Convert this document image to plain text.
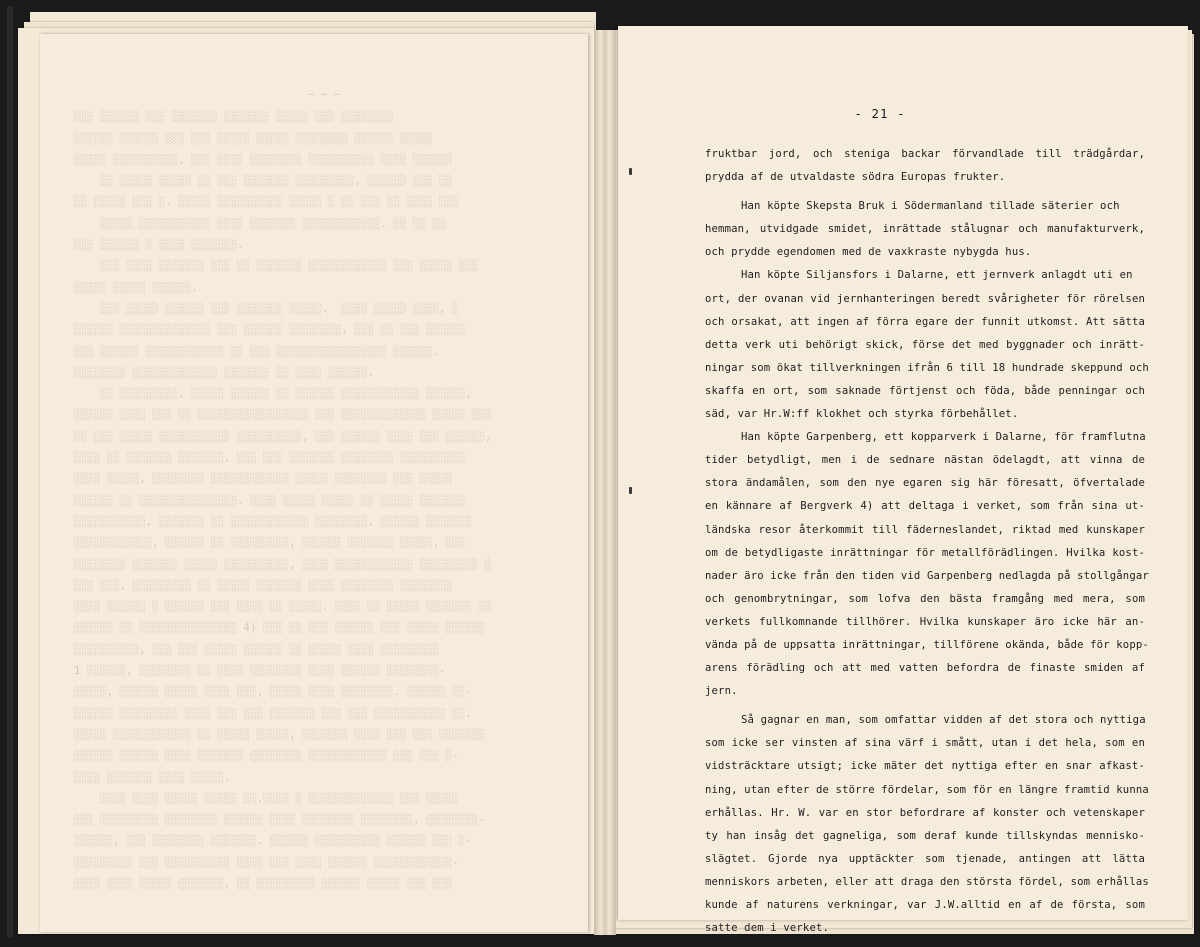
— ― —
░░░ ░░░░░░ ░░░ ░░░░░░░ ░░░░░░░ ░░░░░ ░░░ ░░░░░░░░
░░░░░░ ░░░░░░ ░░░ ░░░ ░░░░░ ░░░░░ ░░░░░░░░ ░░░░░░ ░░░░░
░░░░░ ░░░░░░░░░░, ░░░ ░░░░ ░░░░░░░░ ░░░░░░░░░░ ░░░░ ░░░░░░
░░ ░░░░░ ░░░░░ ░░ ░░░ ░░░░░░░ ░░░░░░░░░, ░░░░░░ ░░░ ░░
░░ ░░░░░ ░░░ ░. ░░░░░ ░░░░░░░░░░ ░░░░░ ░ ░░ ░░░ ░░ ░░░░ ░░░
░░░░░ ░░░░░░░░░░░ ░░░░ ░░░░░░░ ░░░░░░░░░░░░. ░░ ░░ ░░
░░░ ░░░░░░ ░ ░░░░ ░░░░░░░.
░░░ ░░░░ ░░░░░░░ ░░░ ░░ ░░░░░░░ ░░░░░░░░░░░░ ░░░ ░░░░░ ░░░
░░░░░ ░░░░░ ░░░░░░.
░░░ ░░░░░ ░░░░░░ ░░░ ░░░░░░░ ░░░░░.  ░░░░ ░░░░░ ░░░░, ░
░░░░░░ ░░░░░░░░░░░░░░ ░░░ ░░░░░░ ░░░░░░░░, ░░░ ░░ ░░░ ░░░░░░
░░░ ░░░░░░ ░░░░░░░░░░░░ ░░ ░░░ ░░░░░░░░░░░░░░░░░ ░░░░░░.
░░░░░░░░ ░░░░░░░░░░░░░ ░░░░░░░ ░░ ░░░░ ░░░░░░.
░░ ░░░░░░░░░, ░░░░░ ░░░░░░ ░░ ░░░░░░ ░░░░░░░░░░░░ ░░░░░░,
░░░░░░ ░░░░ ░░░ ░░ ░░░░░░░░░░░░░░░░░ ░░░ ░░░░░░░░░░░░░ ░░░░░ ░░░
░░ ░░░ ░░░░░ ░░░░░░░░░░░ ░░░░░░░░░░, ░░░ ░░░░░░ ░░░░ ░░░ ░░░░░░,
░░░░ ░░ ░░░░░░░ ░░░░░░░, ░░░ ░░░ ░░░░░░░ ░░░░░░░░ ░░░░░░░░░░
░░░░ ░░░░░, ░░░░░░░░ ░░░░░░░░░░░░ ░░░░░ ░░░░░░░░ ░░░ ░░░░░
░░░░░░ ░░ ░░░░░░░░░░░░░░░. ░░░░ ░░░░░ ░░░░░ ░░ ░░░░░ ░░░░░░░
░░░░░░░░░░░, ░░░░░░░ ░░ ░░░░░░░░░░░░ ░░░░░░░░, ░░░░░░ ░░░░░░░
░░░░░░░░░░░░, ░░░░░░ ░░ ░░░░░░░░░, ░░░░░░ ░░░░░░░ ░░░░░, ░░░
░░░░░░░░ ░░░░░░░ ░░░░░ ░░░░░░░░░░, ░░░░ ░░░░░░░░░░░░ ░░░░░░░░░ ░
░░░ ░░░, ░░░░░░░░░ ░░ ░░░░░ ░░░░░░░ ░░░░ ░░░░░░░░ ░░░░░░░░
░░░░ ░░░░░░ ░ ░░░░░░ ░░░ ░░░░ ░░ ░░░░░. ░░░░ ░░ ░░░░░ ░░░░░░░ ░░
░░░░░░ ░░ ░░░░░░░░░░░░░░░ 4) ░░░ ░░ ░░░ ░░░░░░ ░░░ ░░░░░ ░░░░░░
░░░░░░░░░░, ░░░ ░░░ ░░░░░ ░░░░░░ ░░ ░░░░░ ░░░░ ░░░░░░░░░
1 ░░░░░░, ░░░░░░░░ ░░ ░░░░ ░░░░░░░░ ░░░░ ░░░░░░ ░░░░░░░░-
░░░░░, ░░░░░░ ░░░░░ ░░░░ ░░░, ░░░░░ ░░░░ ░░░░░░░░. ░░░░░░ ░░-
░░░░░░ ░░░░░░░░░ ░░░░ ░░░ ░░░ ░░░░░░░ ░░░ ░░░ ░░░░░░░░░░░ ░░.
░░░░░ ░░░░░░░░░░░░ ░░ ░░░░░ ░░░░░, ░░░░░░░ ░░░░ ░░░ ░░░ ░░░░░░░
░░░░░░ ░░░░░░ ░░░░ ░░░░░░░ ░░░░░░░░ ░░░░░░░░░░░░ ░░░ ░░░ ░-
░░░░ ░░░░░░░ ░░░░ ░░░░░.
░░░░ ░░░░ ░░░░░ ░░░░░ ░░.░░░░ ░ ░░░░░░░░░░░░░ ░░░ ░░░░░
░░░ ░░░░░░░░░ ░░░░░░░░ ░░░░░░ ░░░░ ░░░░░░░░ ░░░░░░░░, ░░░░░░░░-
░░░░░░, ░░░ ░░░░░░░░ ░░░░░░░. ░░░░░░ ░░░░░░░░░░ ░░░░░░ ░░░ ░-
░░░░░░░░░ ░░░ ░░░░░░░░░░ ░░░░ ░░░ ░░░░ ░░░░░░ ░░░░░░░░░░░░-
░░░░ ░░░░ ░░░░░ ░░░░░░░, ░░ ░░░░░░░░░ ░░░░░░ ░░░░░ ░░░ ░░░
- 21 -
fruktbar jord, och steniga backar förvandlade till trädgårdar,
prydda af de utvaldaste södra Europas frukter.
Han köpte Skepsta Bruk i Södermanland tillade säterier och
hemman, utvidgade smidet, inrättade stålugnar och manufakturverk,
och prydde egendomen med de vaxkraste nybygda hus.
Han köpte Siljansfors i Dalarne, ett jernverk anlagdt uti en
ort, der ovanan vid jernhanteringen beredt svårigheter för rörelsen
och orsakat, att ingen af förra egare der funnit utkomst. Att sätta
detta verk uti behörigt skick, förse det med byggnader och inrätt-
ningar som ökat tillverkningen ifrån 6 till 18 hundrade skeppund och
skaffa en ort, som saknade förtjenst och föda, både penningar och
säd, var Hr.W:ff klokhet och styrka förbehållet.
Han köpte Garpenberg, ett kopparverk i Dalarne, för framflutna
tider betydligt, men i de sednare nästan ödelagdt, att vinna de
stora ändamålen, som den nye egaren sig här föresatt, öfvertalade
en kännare af Bergverk 4) att deltaga i verket, som från sina ut-
ländska resor återkommit till fäderneslandet, riktad med kunskaper
om de betydligaste inrättningar för metallförädlingen. Hvilka kost-
nader äro icke från den tiden vid Garpenberg nedlagda på stollgångar
och genombrytningar, som lofva den bästa framgång med mera, som
verkets fullkomnande tillhörer. Hvilka kunskaper äro icke här an-
vända på de uppsatta inrättningar, tillförene okända, både för kopp-
arens förädling och att med vatten befordra de finaste smiden af
jern.
Så gagnar en man, som omfattar vidden af det stora och nyttiga
som icke ser vinsten af sina värf i smått, utan i det hela, som en
vidsträcktare utsigt; icke mäter det nyttiga efter en snar afkast-
ning, utan efter de större fördelar, som för en längre framtid kunna
erhållas. Hr. W. var en stor befordrare af konster och vetenskaper
ty han insåg det gagneliga, som deraf kunde tillskyndas mennisko-
slägtet. Gjorde nya upptäckter som tjenade, antingen att lätta
menniskors arbeten, eller att draga den största fördel, som erhållas
kunde af naturens verkningar, var J.W.alltid en af de första, som
satte dem i verket.
